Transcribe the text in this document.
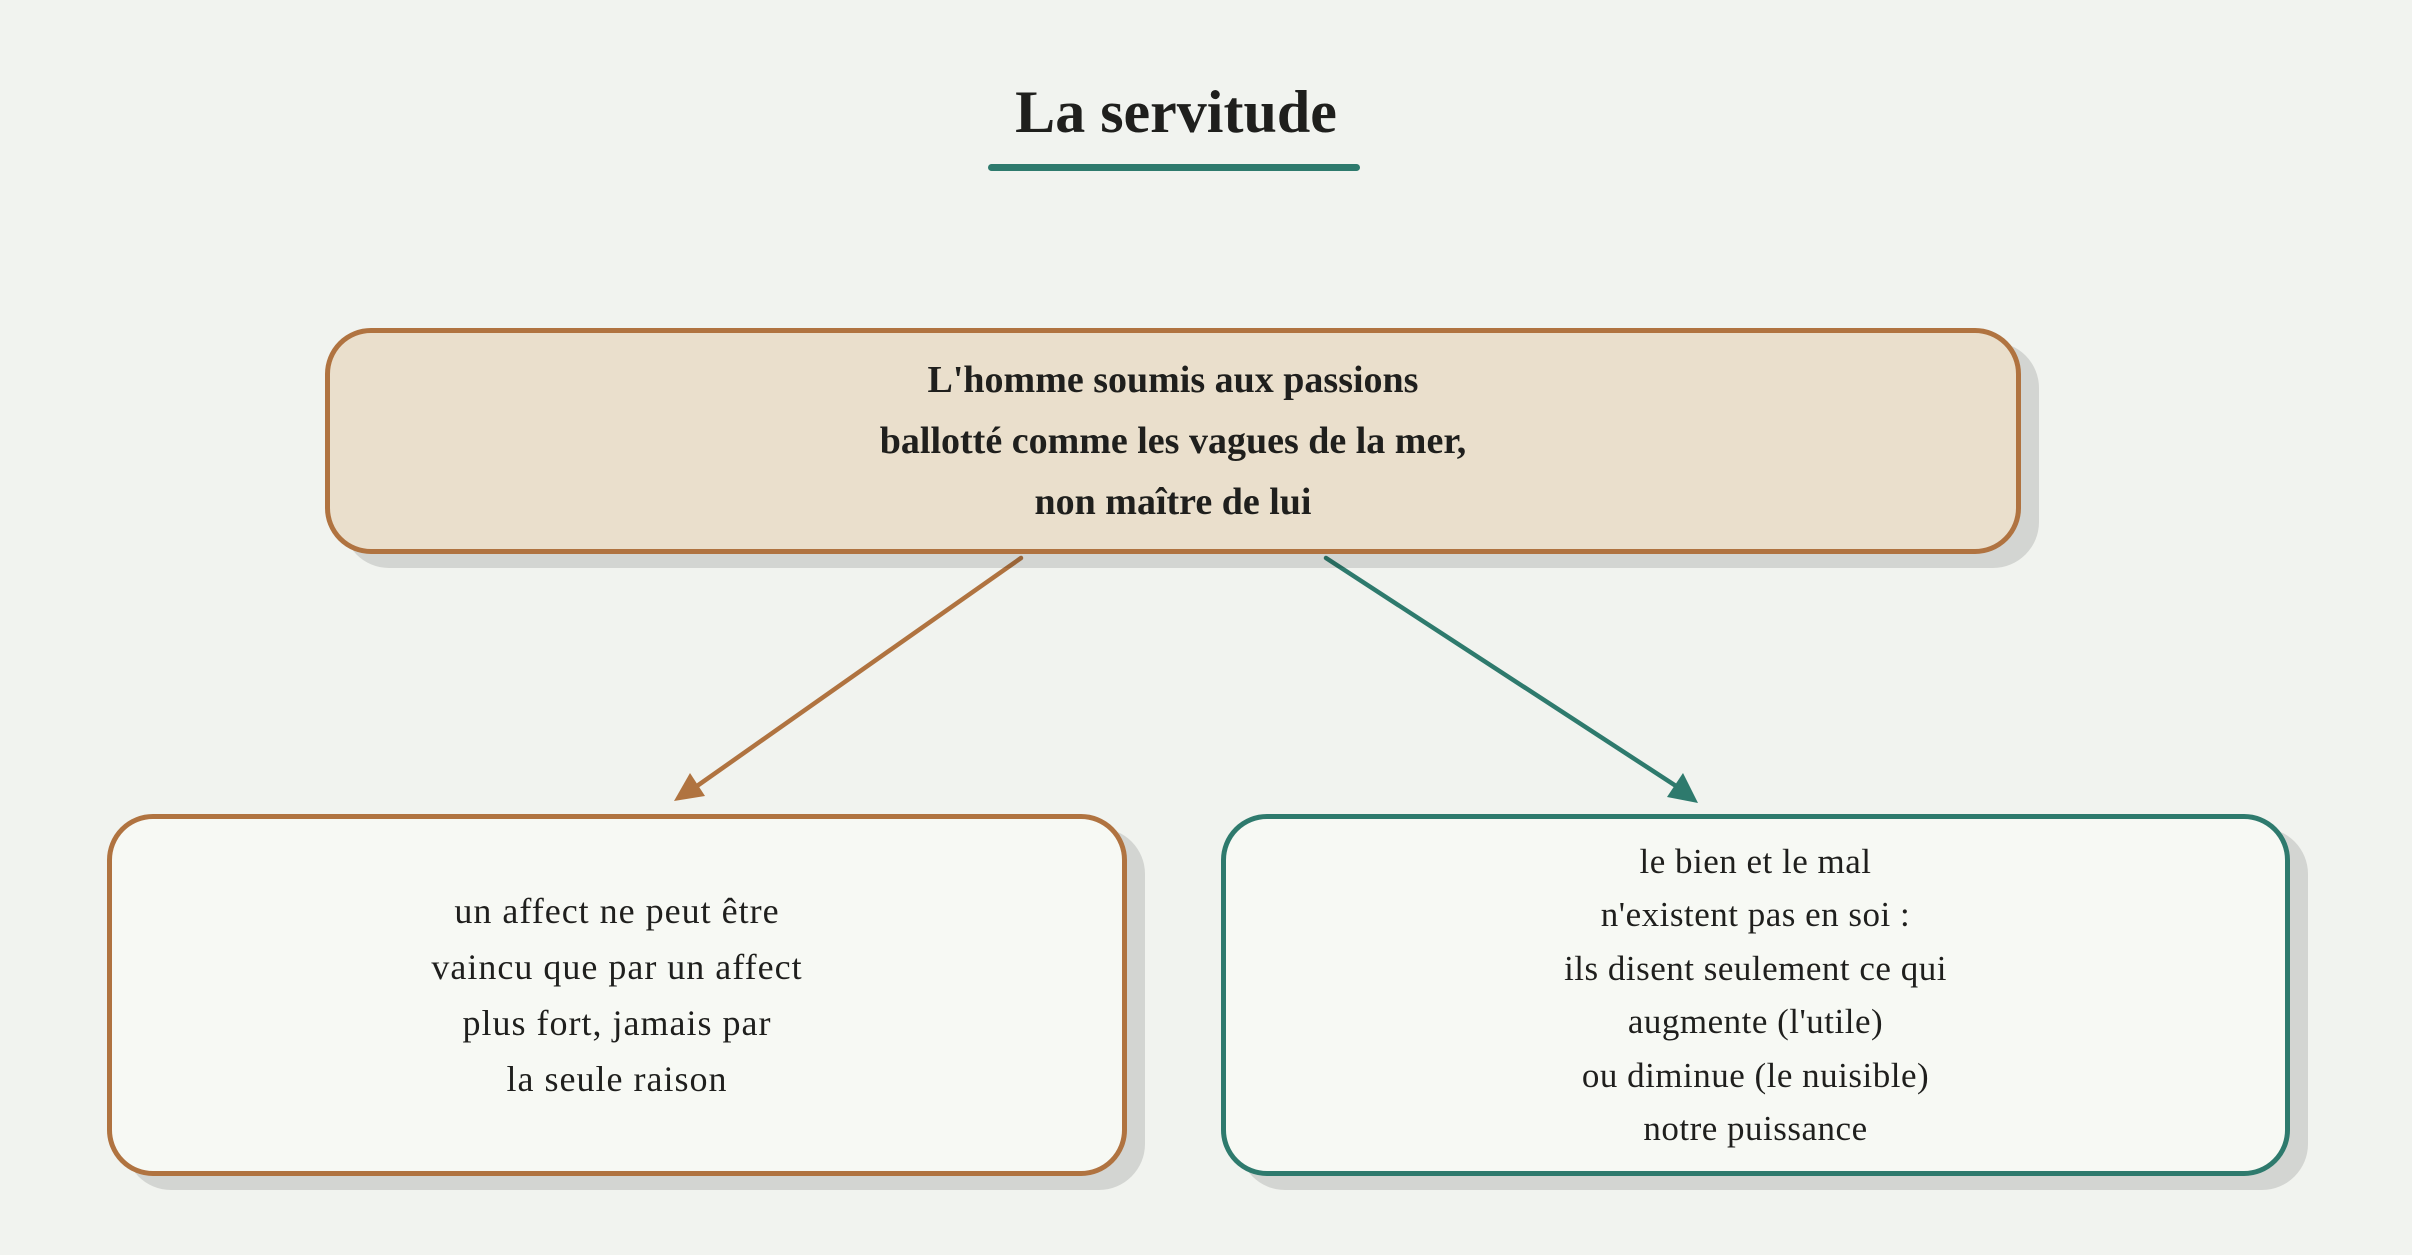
La servitude
L'homme soumis aux passions
ballotté comme les vagues de la mer,
non maître de lui
un affect ne peut être
vaincu que par un affect
plus fort, jamais par
la seule raison
le bien et le mal
n'existent pas en soi :
ils disent seulement ce qui
augmente (l'utile)
ou diminue (le nuisible)
notre puissance
